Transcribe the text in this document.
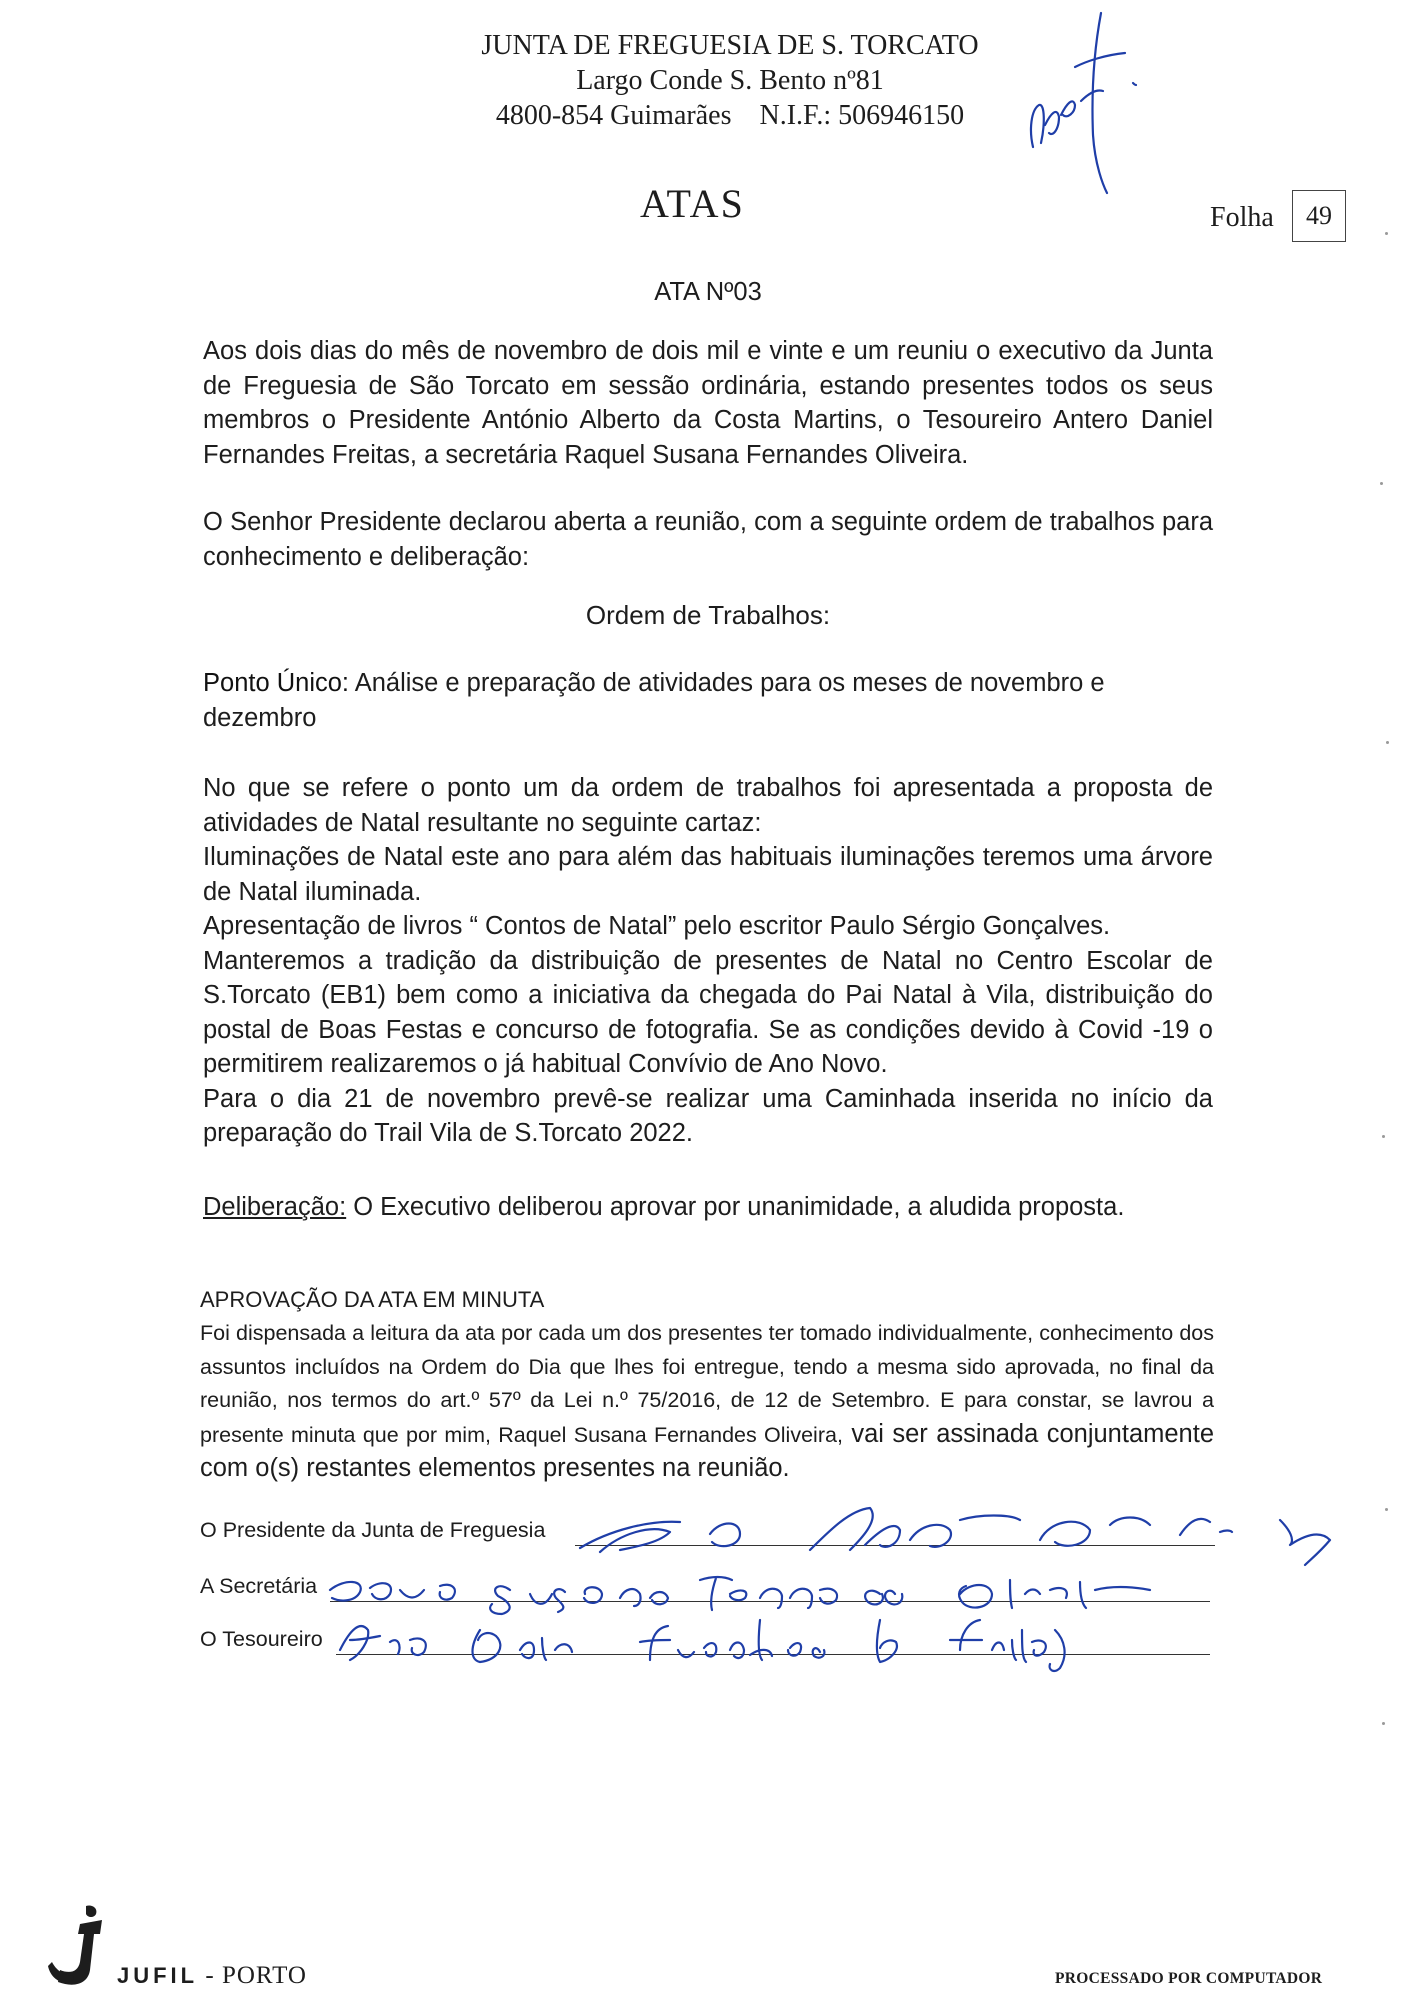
JUNTA DE FREGUESIA DE S. TORCATO
Largo Conde S. Bento nº81
4800-854 Guimarães    N.I.F.: 506946150
ATAS	Folha	49
ATA Nº03
Aos dois dias do mês de novembro de dois mil e vinte e um reuniu o executivo da Junta de Freguesia de São Torcato em sessão ordinária, estando presentes todos os seus membros o Presidente António Alberto da Costa Martins, o Tesoureiro Antero Daniel Fernandes Freitas, a secretária Raquel Susana Fernandes Oliveira.
O Senhor Presidente declarou aberta a reunião, com a seguinte ordem de trabalhos para conhecimento e deliberação:
Ordem de Trabalhos:
Ponto Único: Análise e preparação de atividades para os meses de novembro e dezembro
No que se refere o ponto um da ordem de trabalhos foi apresentada a proposta de atividades de Natal resultante no seguinte cartaz:
Iluminações de Natal este ano para além das habituais iluminações teremos uma árvore de Natal iluminada.
Apresentação de livros “ Contos de Natal” pelo escritor Paulo Sérgio Gonçalves.
Manteremos a tradição da distribuição de presentes de Natal no Centro Escolar de S.Torcato (EB1) bem como a iniciativa da chegada do Pai Natal à Vila, distribuição do postal de Boas Festas e concurso de fotografia. Se as condições devido à Covid -19 o permitirem realizaremos o já habitual Convívio de Ano Novo.
Para o dia 21 de novembro prevê-se realizar uma Caminhada inserida no início da preparação do Trail Vila de S.Torcato 2022.
Deliberação: O Executivo deliberou aprovar por unanimidade, a aludida proposta.
APROVAÇÃO DA ATA EM MINUTA
Foi dispensada a leitura da ata por cada um dos presentes ter tomado individualmente, conhecimento dos assuntos incluídos na Ordem do Dia que lhes foi entregue, tendo a mesma sido aprovada, no final da reunião, nos termos do art.º 57º da Lei n.º 75/2016, de 12 de Setembro. E para constar, se lavrou a presente minuta que por mim, Raquel Susana Fernandes Oliveira, vai ser assinada conjuntamente com o(s) restantes elementos presentes na reunião.
O Presidente da Junta de Freguesia
A Secretária
O Tesoureiro
JUFIL - PORTO	PROCESSADO POR COMPUTADOR
